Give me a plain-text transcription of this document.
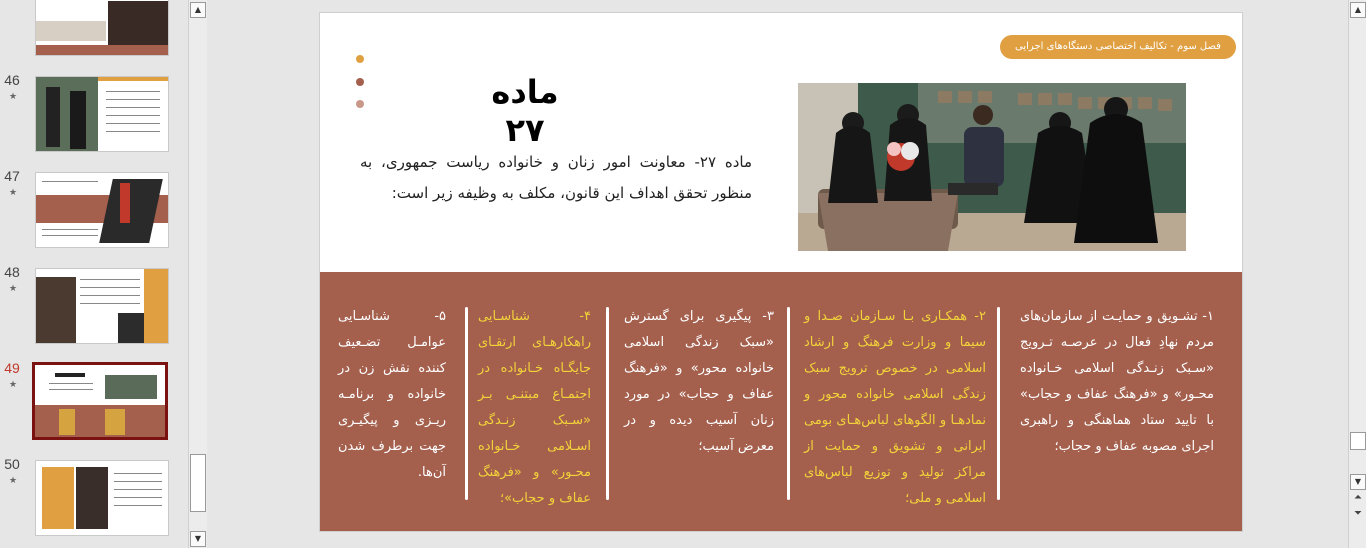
46
★
47
★
48
★
49
★
50
★
▲
▼
فصل سوم - تکالیف اختصاصی دستگاه‌های اجرایی
ماده ۲۷
ماده ۲۷- معاونت امور زنان و خانواده ریاست جمهوری، به منظور تحقق اهداف این قانون، مکلف به وظیفه زیر است:
۱- تشـویق و حمایـت از سازمان‌های مردم نهادِ فعال در عرصـه تـرویج «سـبک زنـدگی اسلامی خـانواده محـور» و «فرهنگ عفاف و حجاب» با تایید ستاد هماهنگی و راهبری اجرای مصوبه عفاف و حجاب؛
۲- همکـاری بـا سـازمان صـدا و سیما و وزارت فرهنگ و ارشاد اسلامی در خصوص ترویج سبک زندگی اسلامی خانواده محور و نمادهـا و الگوهای لباس‌هـای بومی ایرانی و تشویق و حمایت از مراکز تولید و توزیع لباس‌های اسلامی و ملی؛
۳- پیگیری برای گسترش «سبک زندگی اسلامی خانواده محور» و «فرهنگ عفاف و حجاب» در مورد زنان آسیب دیده و در معرض آسیب؛
۴- شناسـایی راهکارهـای ارتقـای جایگـاه خـانواده در اجتمـاع مبتنـی بـر «سـبک زنـدگی اسـلامی خـانواده محـور» و «فرهنگ عفاف و حجاب»؛
۵- شناسـایی عوامـل تضـعیف کننده نقش زن در خانواده و برنامـه ریـزی و پیگیـری جهت برطرف شدن آن‌ها.
▲
▼
⏶
⏷
